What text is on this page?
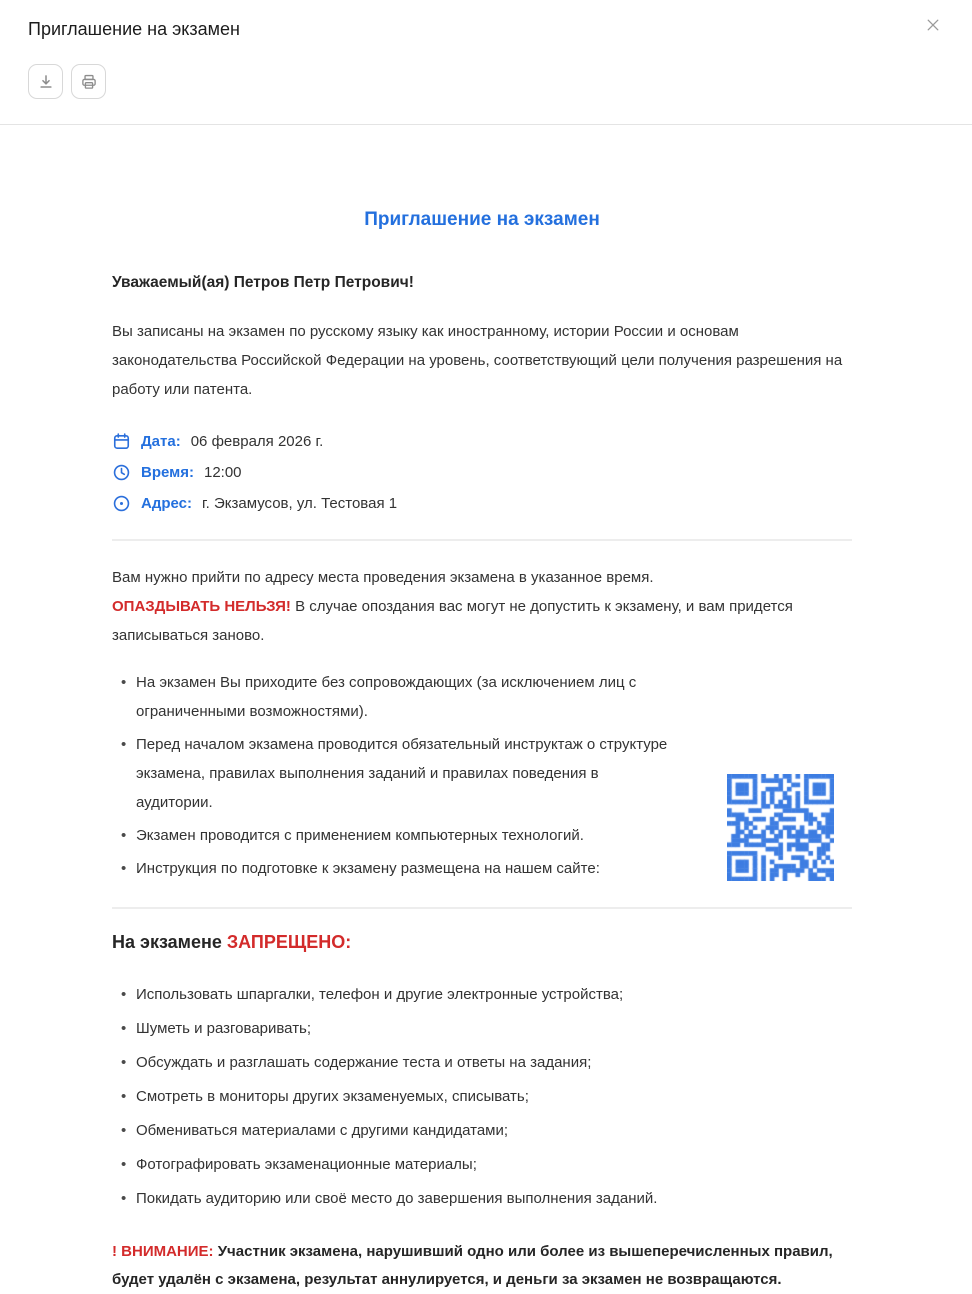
Приглашение на экзамен
Приглашение на экзамен

Уважаемый(ая) Петров Петр Петрович!

Вы записаны на экзамен по русскому языку как иностранному, истории России и основам законодательства Российской Федерации на уровень, соответствующий цели получения разрешения на работу или патента.

Дата: 06 февраля 2026 г.
Время: 12:00
Адрес: г. Экзамусов, ул. Тестовая 1

Вам нужно прийти по адресу места проведения экзамена в указанное время.
ОПАЗДЫВАТЬ НЕЛЬЗЯ! В случае опоздания вас могут не допустить к экзамену, и вам придется записываться заново.

• На экзамен Вы приходите без сопровождающих (за исключением лиц с ограниченными возможностями).
• Перед началом экзамена проводится обязательный инструктаж о структуре экзамена, правилах выполнения заданий и правилах поведения в аудитории.
• Экзамен проводится с применением компьютерных технологий.
• Инструкция по подготовке к экзамену размещена на нашем сайте:
На экзамене ЗАПРЕЩЕНО:
• Использовать шпаргалки, телефон и другие электронные устройства;
• Шуметь и разговаривать;
• Обсуждать и разглашать содержание теста и ответы на задания;
• Смотреть в мониторы других экзаменуемых, списывать;
• Обмениваться материалами с другими кандидатами;
• Фотографировать экзаменационные материалы;
• Покидать аудиторию или своё место до завершения выполнения заданий.

! ВНИМАНИЕ: Участник экзамена, нарушивший одно или более из вышеперечисленных правил, будет удалён с экзамена, результат аннулируется, и деньги за экзамен не возвращаются.
